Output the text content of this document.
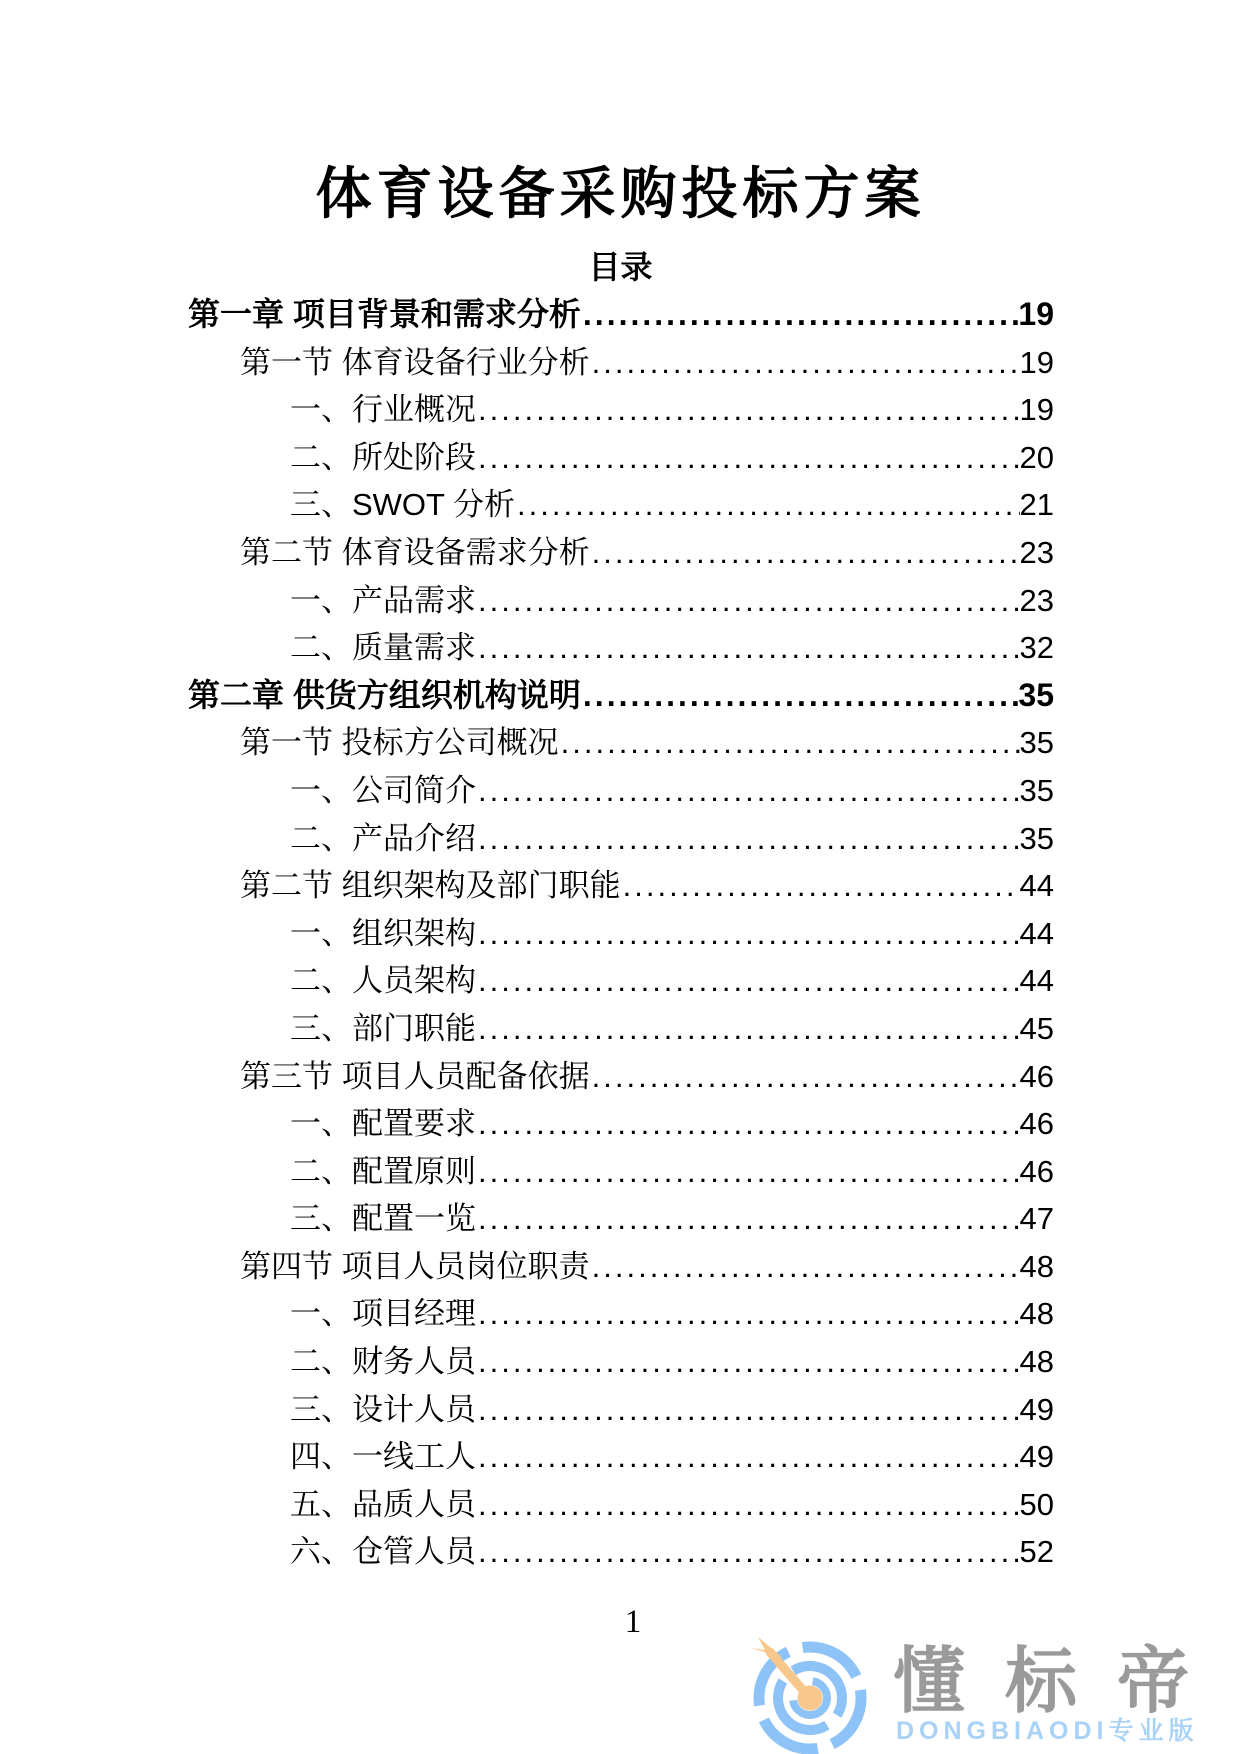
体育设备采购投标方案
目录
第一章 项目背景和需求分析 .....	19
第一节 体育设备行业分析 .....	19
一、行业概况 .....	19
二、所处阶段 .....	20
三、SWOT 分析 .....	21
第二节 体育设备需求分析 .....	23
一、产品需求 .....	23
二、质量需求 .....	32
第二章 供货方组织机构说明 .....	35
第一节 投标方公司概况 .....	35
一、公司简介 .....	35
二、产品介绍 .....	35
第二节 组织架构及部门职能 .....	44
一、组织架构 .....	44
二、人员架构 .....	44
三、部门职能 .....	45
第三节 项目人员配备依据 .....	46
一、配置要求 .....	46
二、配置原则 .....	46
三、配置一览 .....	47
第四节 项目人员岗位职责 .....	48
一、项目经理 .....	48
二、财务人员 .....	48
三、设计人员 .....	49
四、一线工人 .....	49
五、品质人员 .....	50
六、仓管人员 .....	52
1
懂标帝
DONGBIAODI专业版
